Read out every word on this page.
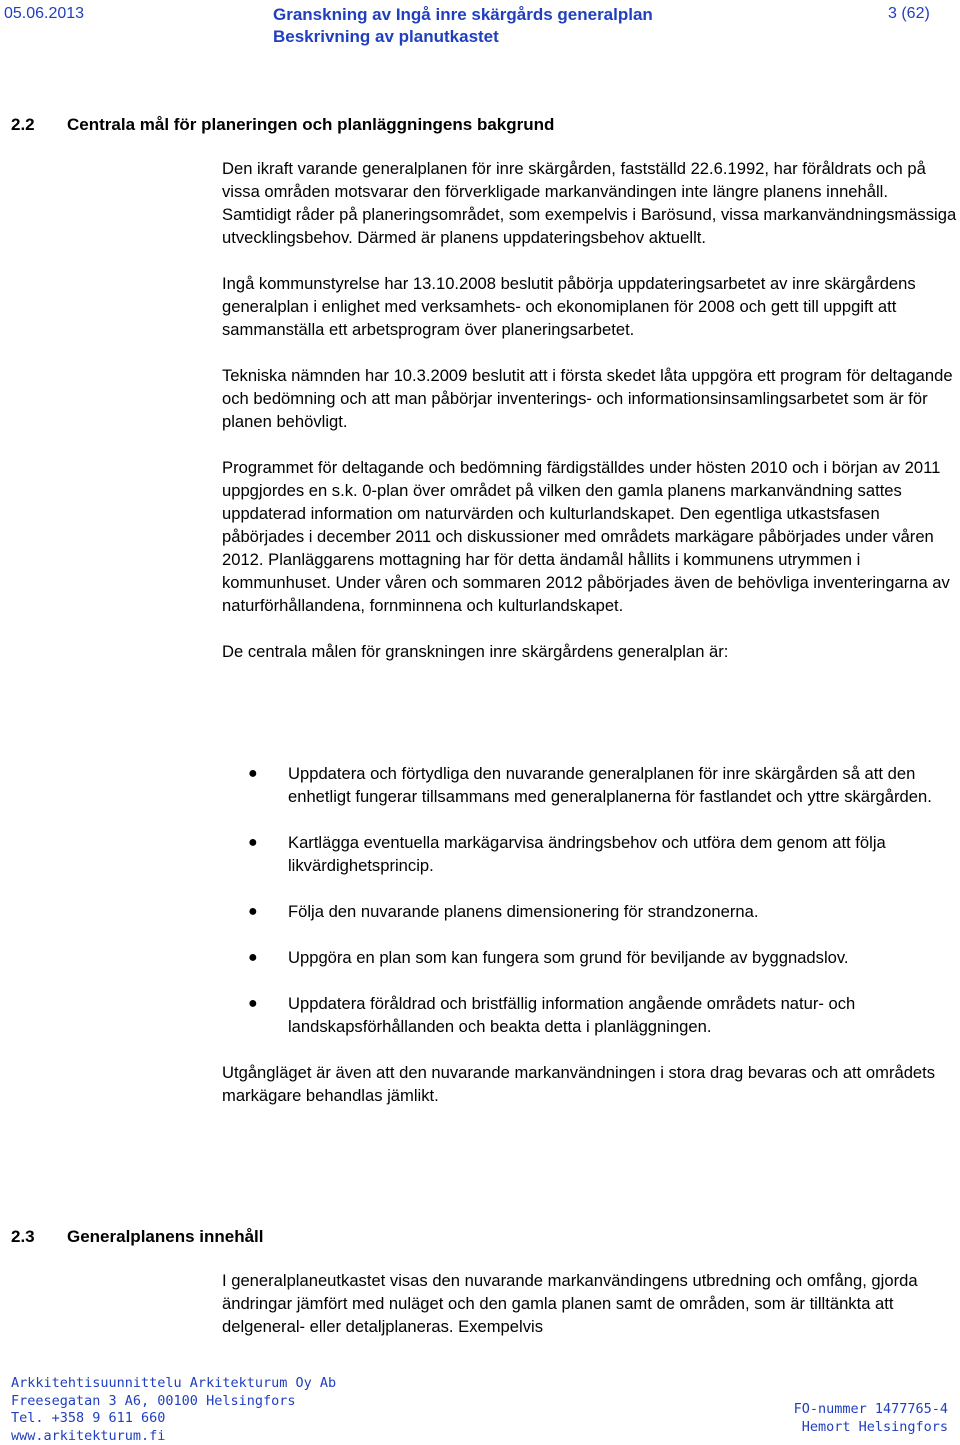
05.06.2013	Granskning av Ingå inre skärgårds generalplan
Beskrivning av planutkastet
3 (62)
2.2 Centrala mål för planeringen och planläggningens bakgrund

Den ikraft varande generalplanen för inre skärgården, fastställd 22.6.1992, har föråldrats och på vissa områden motsvarar den förverkligade markanvändingen inte längre planens innehåll. Samtidigt råder på planeringsområdet, som exempelvis i Barösund, vissa markanvändningsmässiga utvecklingsbehov. Därmed är planens uppdateringsbehov aktuellt.

Ingå kommunstyrelse har 13.10.2008 beslutit påbörja uppdateringsarbetet av inre skärgårdens generalplan i enlighet med verksamhets- och ekonomiplanen för 2008 och gett till uppgift att sammanställa ett arbetsprogram över planeringsarbetet.

Tekniska nämnden har 10.3.2009 beslutit att i första skedet låta uppgöra ett program för deltagande och bedömning och att man påbörjar inventerings- och informationsinsamlingsarbetet som är för planen behövligt.

Programmet för deltagande och bedömning färdigställdes under hösten 2010 och i början av 2011 uppgjordes en s.k. 0-plan över området på vilken den gamla planens markanvändning sattes uppdaterad information om naturvärden och kulturlandskapet. Den egentliga utkastsfasen påbörjades i december 2011 och diskussioner med områdets markägare påbörjades under våren 2012. Planläggarens mottagning har för detta ändamål hållits i kommunens utrymmen i kommunhuset. Under våren och sommaren 2012 påbörjades även de behövliga inventeringarna av naturförhållandena, fornminnena och kulturlandskapet.

De centrala målen för granskningen inre skärgårdens generalplan är:

● Uppdatera och förtydliga den nuvarande generalplanen för inre skärgården så att den enhetligt fungerar tillsammans med generalplanerna för fastlandet och yttre skärgården.
● Kartlägga eventuella markägarvisa ändringsbehov och utföra dem genom att följa likvärdighetsprincip.
● Följa den nuvarande planens dimensionering för strandzonerna.
● Uppgöra en plan som kan fungera som grund för beviljande av byggnadslov.
● Uppdatera föråldrad och bristfällig information angående områdets natur- och landskapsförhållanden och beakta detta i planläggningen.

Utgångläget är även att den nuvarande markanvändningen i stora drag bevaras och att områdets markägare behandlas jämlikt.

2.3 Generalplanens innehåll

I generalplaneutkastet visas den nuvarande markanvändingens utbredning och omfång, gjorda ändringar jämfört med nuläget och den gamla planen samt de områden, som är tilltänkta att delgeneral- eller detaljplaneras. Exempelvis

Arkkitehtisuunnittelu Arkitekturum Oy Ab
Freesegatan 3 A6, 00100 Helsingfors
Tel. +358 9 611 660
www.arkitekturum.fi
FO-nummer 1477765-4
Hemort Helsingfors
